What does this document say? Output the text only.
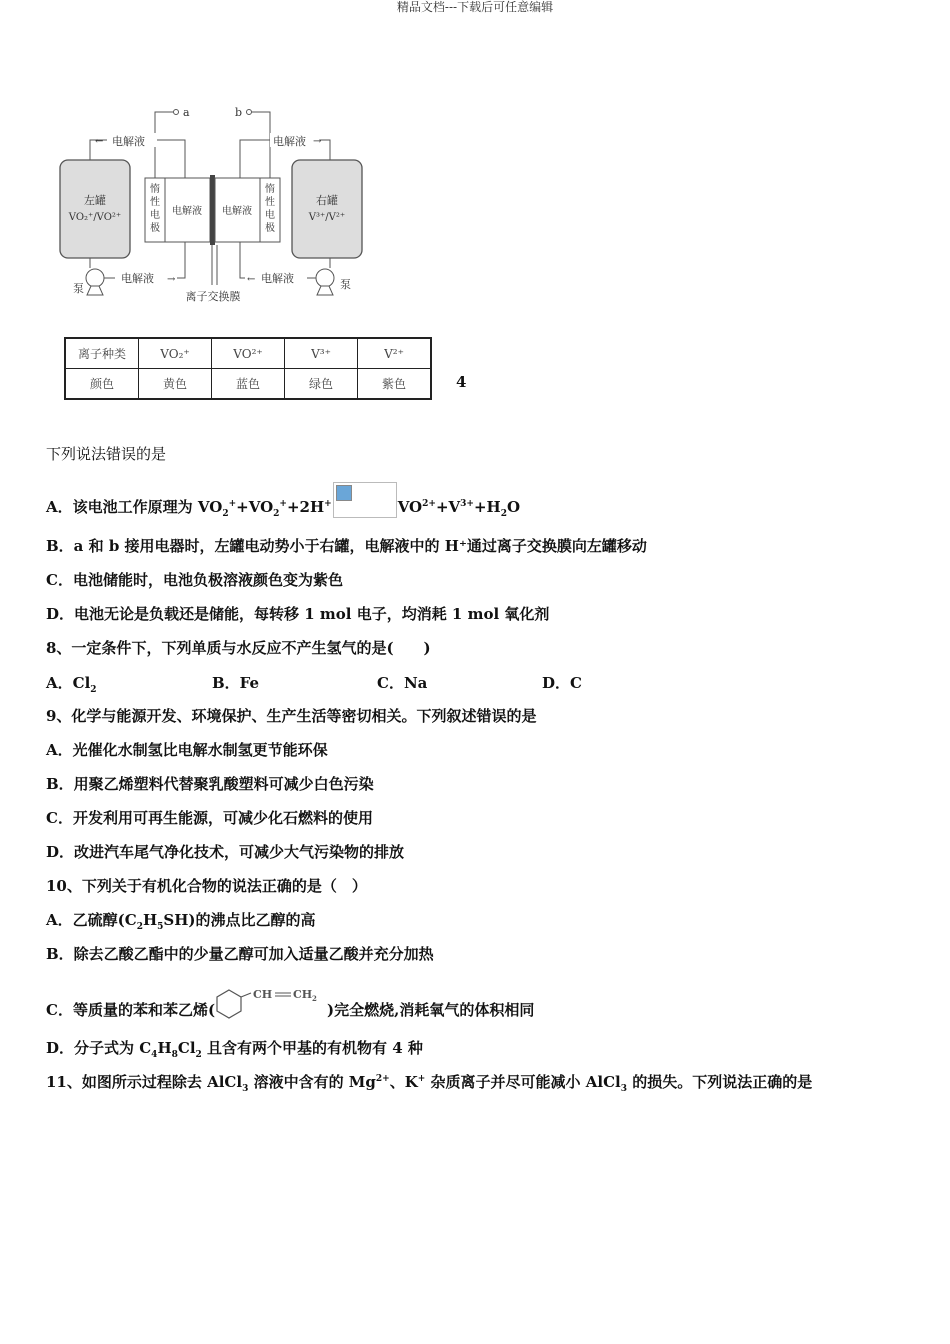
精品文档---下载后可任意编辑
左罐
VO₂⁺/VO²⁺
右罐
V³⁺/V²⁺
电解液 电解液
惰
性
电
极
惰
性
电
极
a	b
电解液
←	电解液 →
电解液 →	← 电解液
泵	泵
离子交换膜
离子种类	VO₂⁺	VO²⁺	V³⁺	V²⁺
颜色	黄色	蓝色	绿色	紫色	4
下列说法错误的是
A．该电池工作原理为 $VO_2^++VO_2^++2H^+$	$VO^{2+}+V^{3+}+H_2O$
B．a 和 b 接用电器时，左罐电动势小于右罐，电解液中的 H⁺通过离子交换膜向左罐移动
C．电池储能时，电池负极溶液颜色变为紫色
D．电池无论是负载还是储能，每转移 1 mol 电子，均消耗 1 mol 氧化剂
8、一定条件下，下列单质与水反应不产生氢气的是(　　)
A．$Cl_2$	B．Fe	C．Na	D．C
9、化学与能源开发、环境保护、生产生活等密切相关。下列叙述错误的是
A．光催化水制氢比电解水制氢更节能环保
B．用聚乙烯塑料代替聚乳酸塑料可减少白色污染
C．开发利用可再生能源，可减少化石燃料的使用
D．改进汽车尾气净化技术，可减少大气污染物的排放
10、下列关于有机化合物的说法正确的是（　）
A．乙硫醇$(C_2H_5SH)$的沸点比乙醇的高
B．除去乙酸乙酯中的少量乙醇可加入适量乙酸并充分加热
C．等质量的苯和苯乙烯(
CH CH 2
)完全燃烧,消耗氧气的体积相同
D．分子式为 $C_4H_8Cl_2$ 且含有两个甲基的有机物有 4 种
11、如图所示过程除去 AlCl$_3$ 溶液中含有的 $Mg^{2+}$、K+ 杂质离子并尽可能减小 AlCl$_3$ 的损失。下列说法正确的是
